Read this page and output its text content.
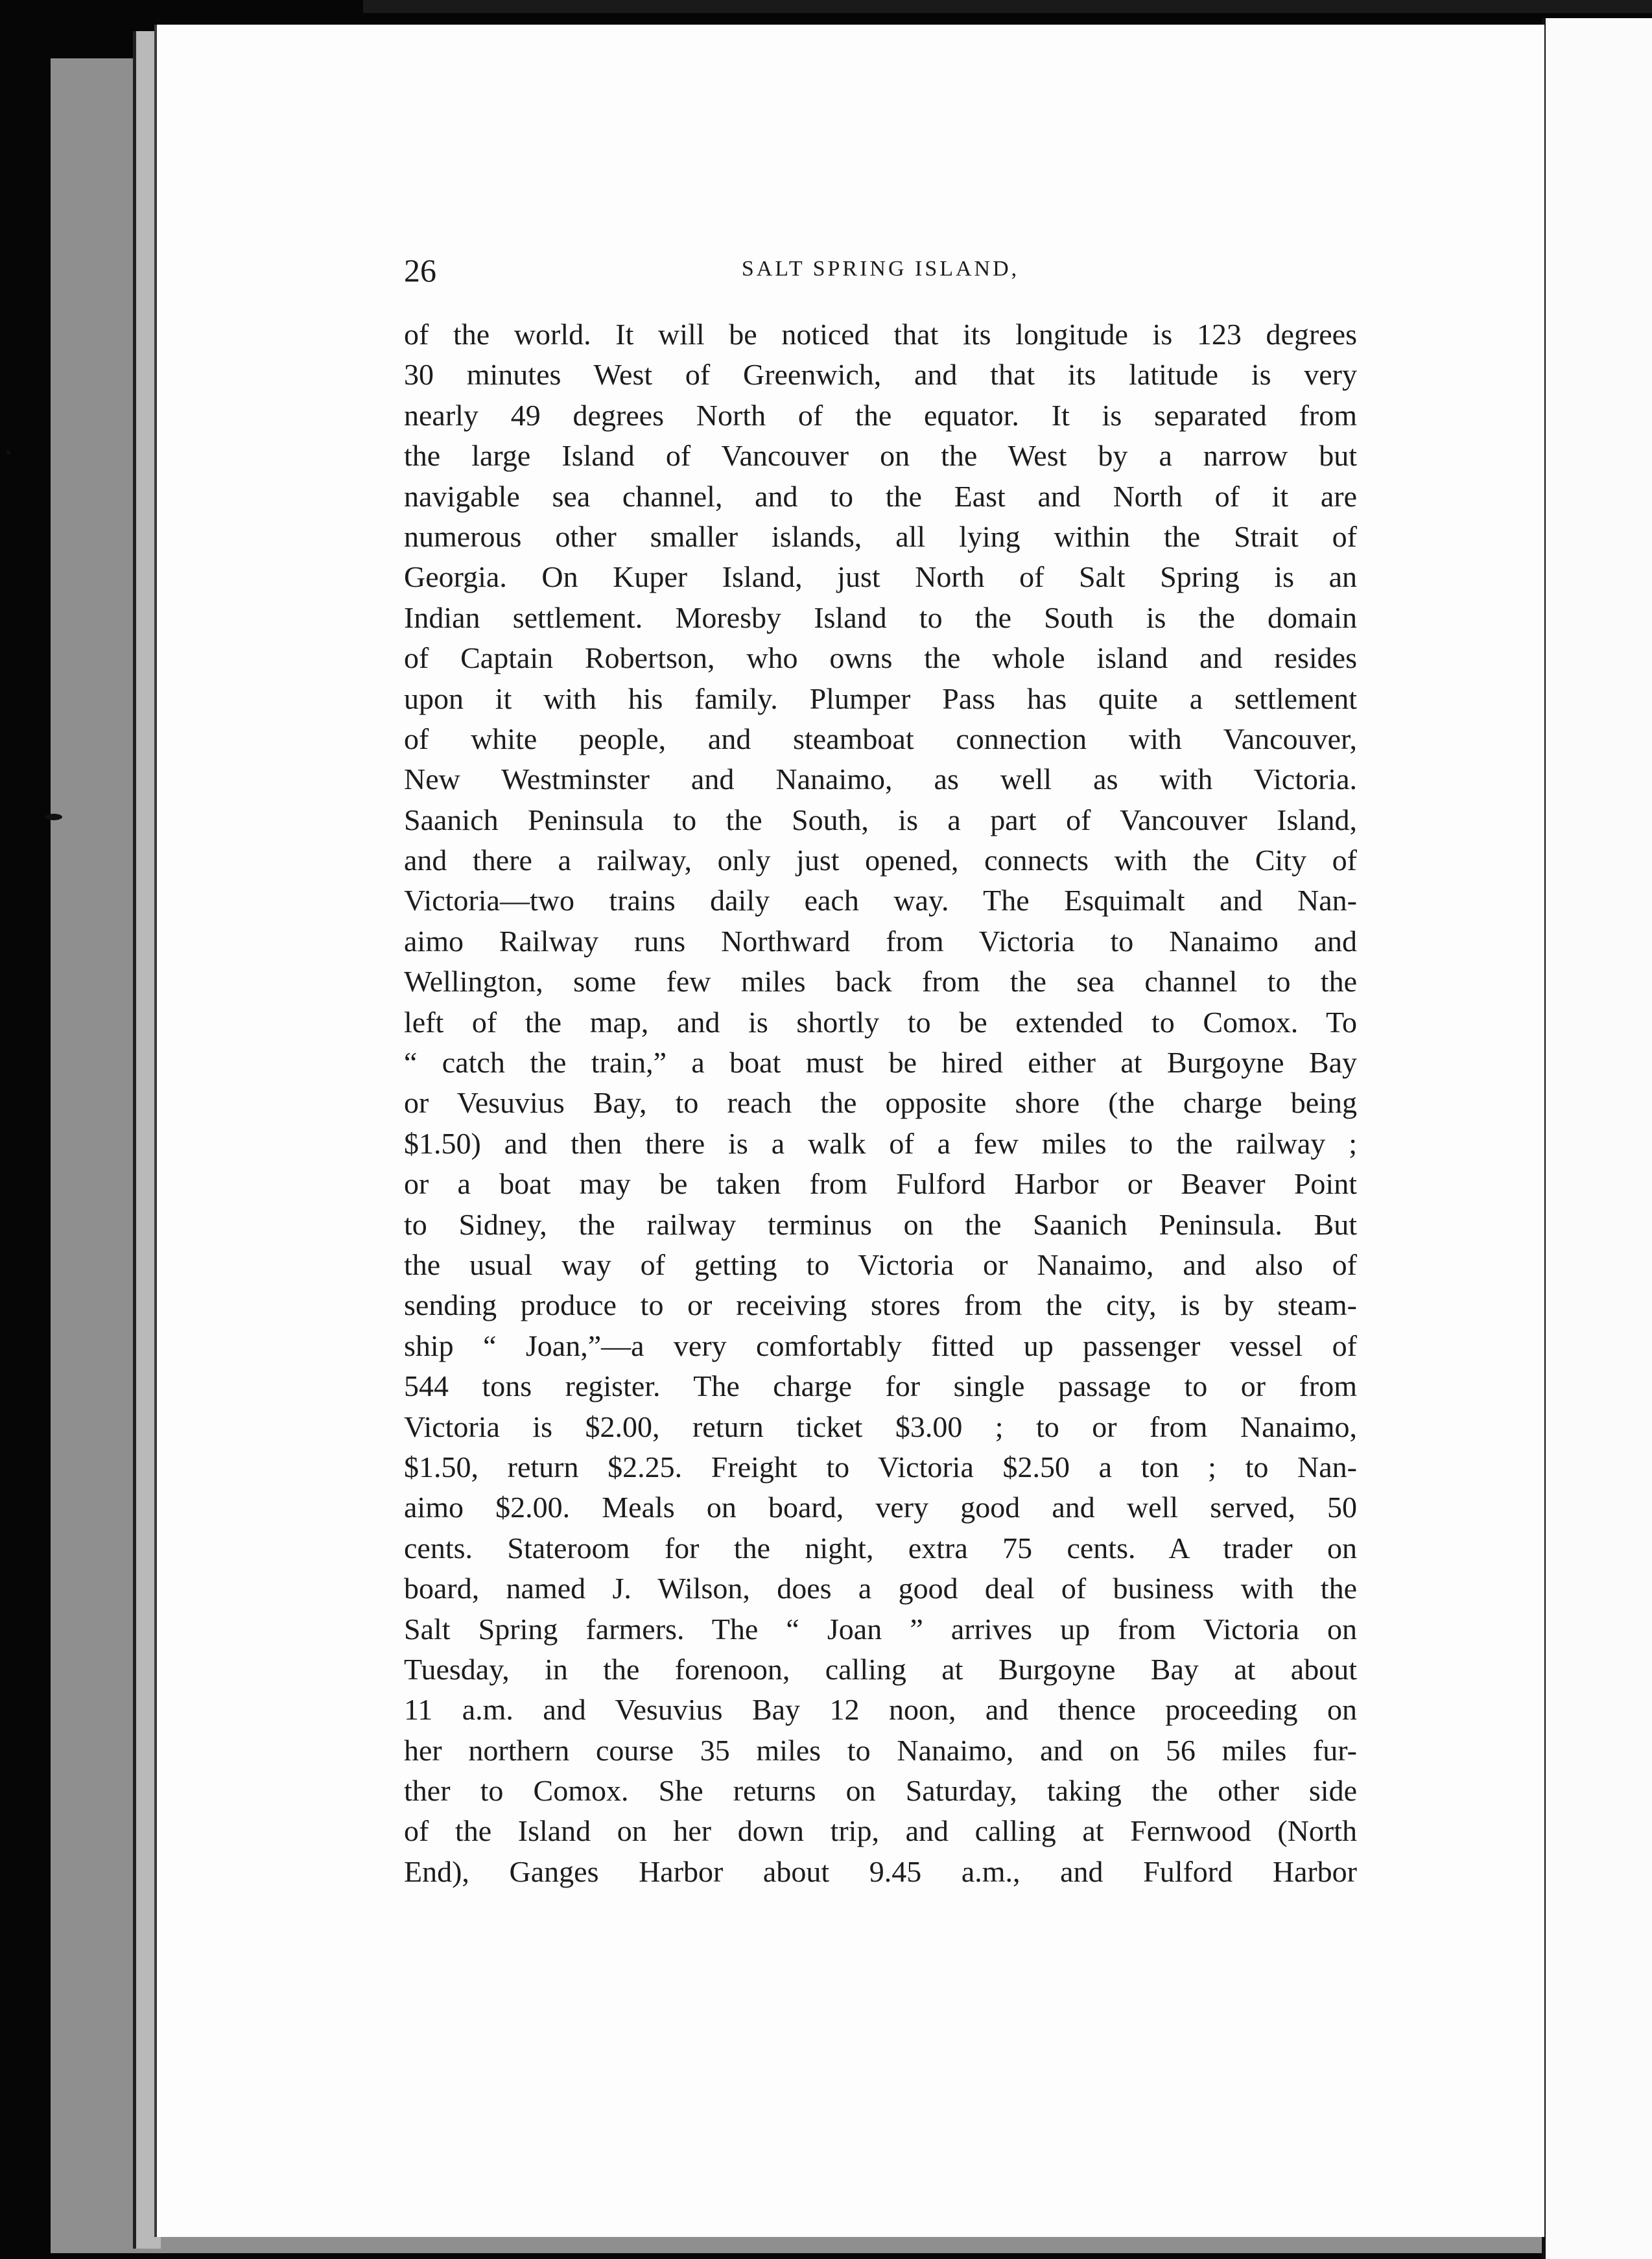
26	SALT SPRING ISLAND,
of the world. It will be noticed that its longitude is 123 degrees
30 minutes West of Greenwich, and that its latitude is very
nearly 49 degrees North of the equator. It is separated from
the large Island of Vancouver on the West by a narrow but
navigable sea channel, and to the East and North of it are
numerous other smaller islands, all lying within the Strait of
Georgia. On Kuper Island, just North of Salt Spring is an
Indian settlement. Moresby Island to the South is the domain
of Captain Robertson, who owns the whole island and resides
upon it with his family. Plumper Pass has quite a settlement
of white people, and steamboat connection with Vancouver,
New Westminster and Nanaimo, as well as with Victoria.
Saanich Peninsula to the South, is a part of Vancouver Island,
and there a railway, only just opened, connects with the City of
Victoria—two trains daily each way. The Esquimalt and Nan-
aimo Railway runs Northward from Victoria to Nanaimo and
Wellington, some few miles back from the sea channel to the
left of the map, and is shortly to be extended to Comox. To
“ catch the train,” a boat must be hired either at Burgoyne Bay
or Vesuvius Bay, to reach the opposite shore (the charge being
$1.50) and then there is a walk of a few miles to the railway ;
or a boat may be taken from Fulford Harbor or Beaver Point
to Sidney, the railway terminus on the Saanich Peninsula. But
the usual way of getting to Victoria or Nanaimo, and also of
sending produce to or receiving stores from the city, is by steam-
ship “ Joan,”—a very comfortably fitted up passenger vessel of
544 tons register. The charge for single passage to or from
Victoria is $2.00, return ticket $3.00 ; to or from Nanaimo,
$1.50, return $2.25. Freight to Victoria $2.50 a ton ; to Nan-
aimo $2.00. Meals on board, very good and well served, 50
cents. Stateroom for the night, extra 75 cents. A trader on
board, named J. Wilson, does a good deal of business with the
Salt Spring farmers. The “ Joan ” arrives up from Victoria on
Tuesday, in the forenoon, calling at Burgoyne Bay at about
11 a.m. and Vesuvius Bay 12 noon, and thence proceeding on
her northern course 35 miles to Nanaimo, and on 56 miles fur-
ther to Comox. She returns on Saturday, taking the other side
of the Island on her down trip, and calling at Fernwood (North
End), Ganges Harbor about 9.45 a.m., and Fulford Harbor
